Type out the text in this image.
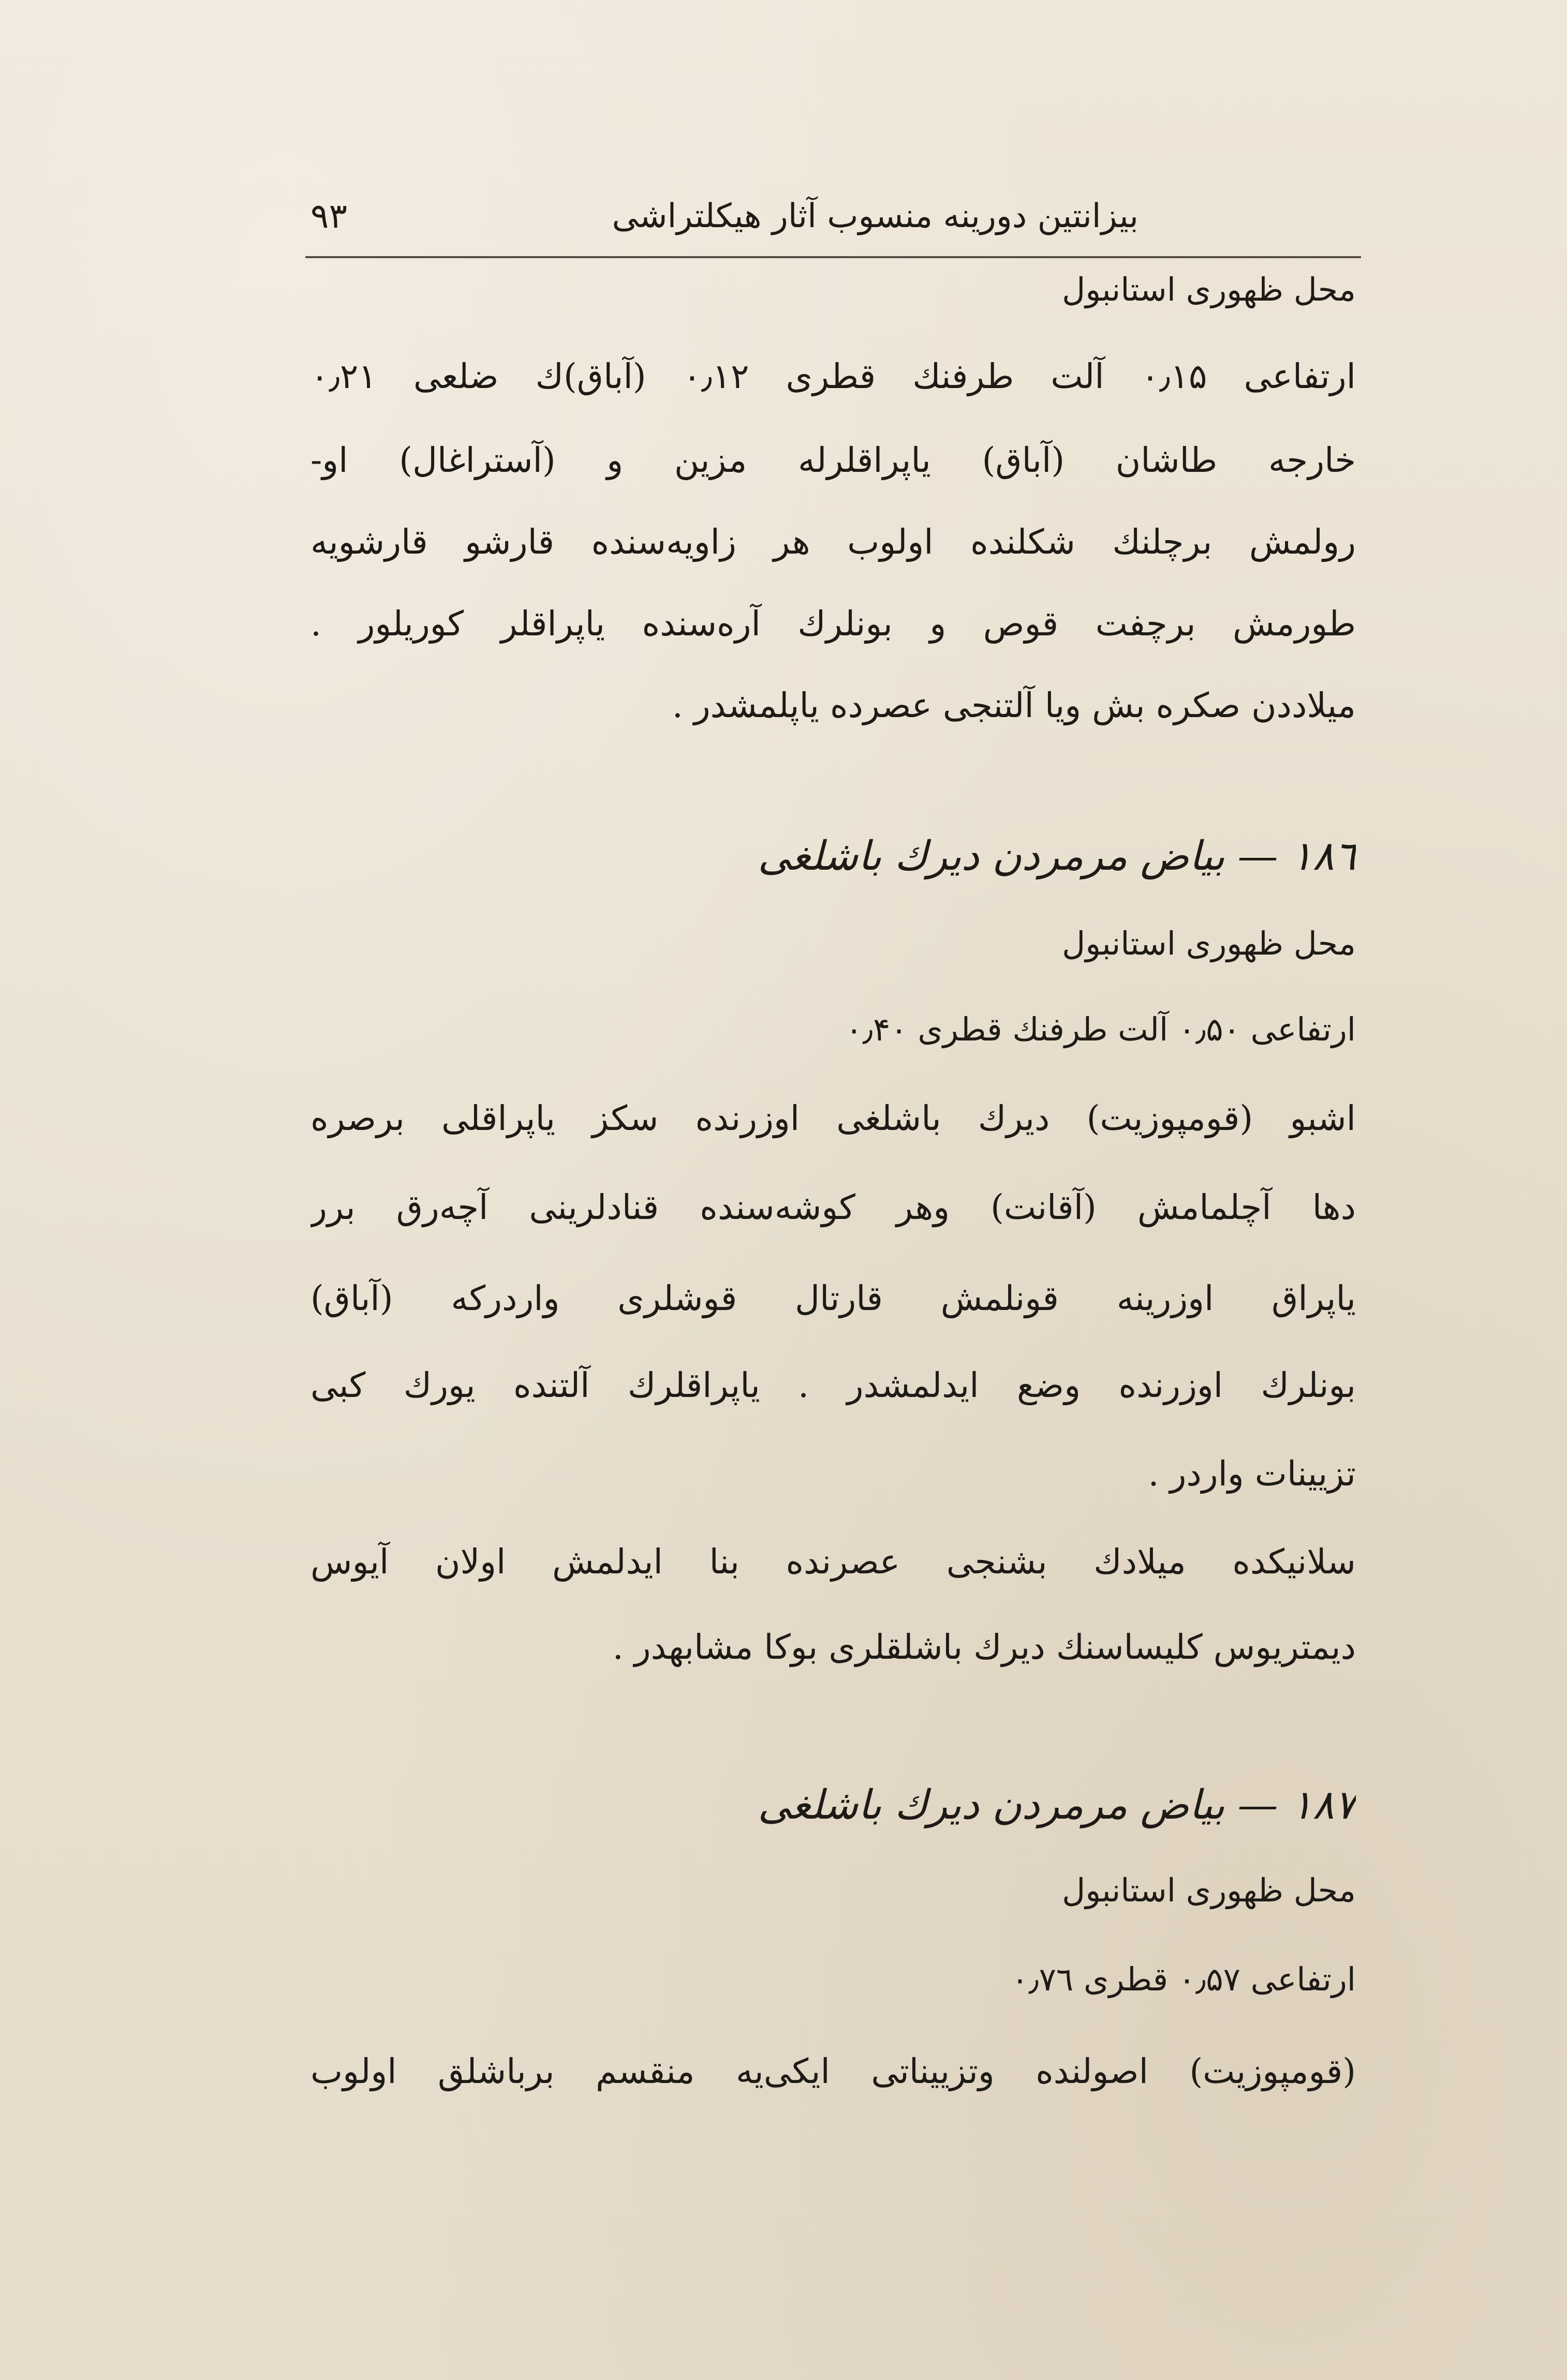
بیزانتین دورینه منسوب آثار هیکلتراشی
۹۳
محل ظهوری استانبول
ارتفاعی ۰٫۱۵ آلت طرفنك قطری ۰٫۱۲ (آباق)ك ضلعی ۰٫۲۱
خارجه طاشان (آباق) یاپراقلرله مزین و (آستراغال) او-
رولمش برچلنك شكلنده اولوب هر زاویه‌سنده قارشو قارشویه
طورمش برچفت قوص و بونلرك آره‌سنده یاپراقلر كوریلور .
میلاددن صكره بش ویا آلتنجی عصرده یاپلمشدر .
١٨٦ — بیاض مرمردن دیرك باشلغی
محل ظهوری استانبول
ارتفاعی ۰٫۵۰ آلت طرفنك قطری ۰٫۴۰
اشبو (قومپوزیت) دیرك باشلغی اوزرنده سكز یاپراقلی برصره
دها آچلمامش (آقانت) وهر كوشه‌سنده قنادلرینی آچه‌رق برر
یاپراق اوزرینه قونلمش قارتال قوشلری واردركه (آباق)
بونلرك اوزرنده وضع ایدلمشدر . یاپراقلرك آلتنده یورك كبی
تزیینات واردر .
سلانیكده میلادك بشنجی عصرنده بنا ایدلمش اولان آیوس
دیمتریوس كلیساسنك دیرك باشلقلری بوكا مشابهدر .
١٨٧ — بیاض مرمردن دیرك باشلغی
محل ظهوری استانبول
ارتفاعی ۰٫۵۷ قطری ۰٫۷٦
(قومپوزیت) اصولنده وتزییناتی ایكی‌یه منقسم برباشلق اولوب
